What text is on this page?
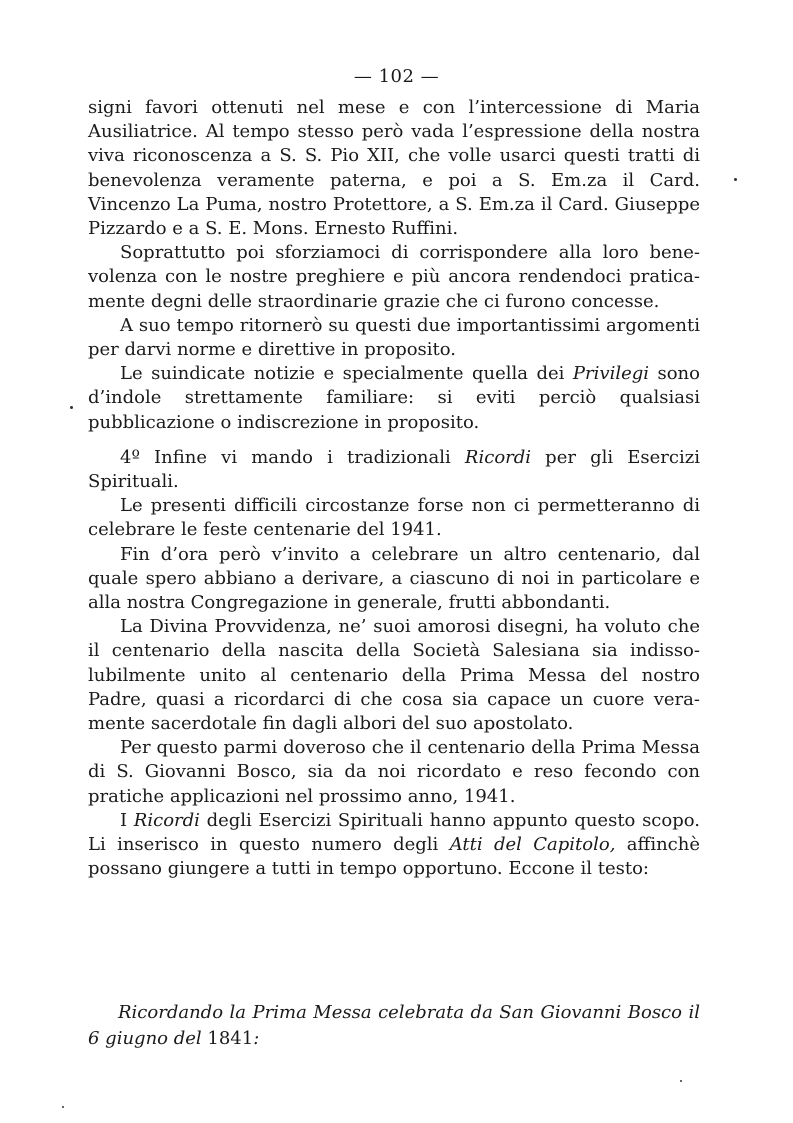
— 102 —

signi favori ottenuti nel mese e con l’intercessione di Maria Ausiliatrice. Al tempo stesso però vada l’espressione della nostra viva riconoscenza a S. S. Pio XII, che volle usarci questi tratti di benevolenza veramente paterna, e poi a S. Em.za il Card. Vincenzo La Puma, nostro Protettore, a S. Em.za il Card. Giuseppe Pizzardo e a S. E. Mons. Ernesto Ruffini.

Soprattutto poi sforziamoci di corrispondere alla loro benevolenza con le nostre preghiere e più ancora rendendoci praticamente degni delle straordinarie grazie che ci furono concesse.

A suo tempo ritornerò su questi due importantissimi argomenti per darvi norme e direttive in proposito.

Le suindicate notizie e specialmente quella dei Privilegi sono d’indole strettamente familiare: si eviti perciò qualsiasi pubblicazione o indiscrezione in proposito.

4º Infine vi mando i tradizionali Ricordi per gli Esercizi Spirituali.

Le presenti difficili circostanze forse non ci permetteranno di celebrare le feste centenarie del 1941.

Fin d’ora però v’invito a celebrare un altro centenario, dal quale spero abbiano a derivare, a ciascuno di noi in particolare e alla nostra Congregazione in generale, frutti abbondanti.

La Divina Provvidenza, ne’ suoi amorosi disegni, ha voluto che il centenario della nascita della Società Salesiana sia indissolubilmente unito al centenario della Prima Messa del nostro Padre, quasi a ricordarci di che cosa sia capace un cuore veramente sacerdotale fin dagli albori del suo apostolato.

Per questo parmi doveroso che il centenario della Prima Messa di S. Giovanni Bosco, sia da noi ricordato e reso fecondo con pratiche applicazioni nel prossimo anno, 1941.

I Ricordi degli Esercizi Spirituali hanno appunto questo scopo. Li inserisco in questo numero degli Atti del Capitolo, affinchè possano giungere a tutti in tempo opportuno. Eccone il testo:

Ricordando la Prima Messa celebrata da San Giovanni Bosco il 6 giugno del 1841:
